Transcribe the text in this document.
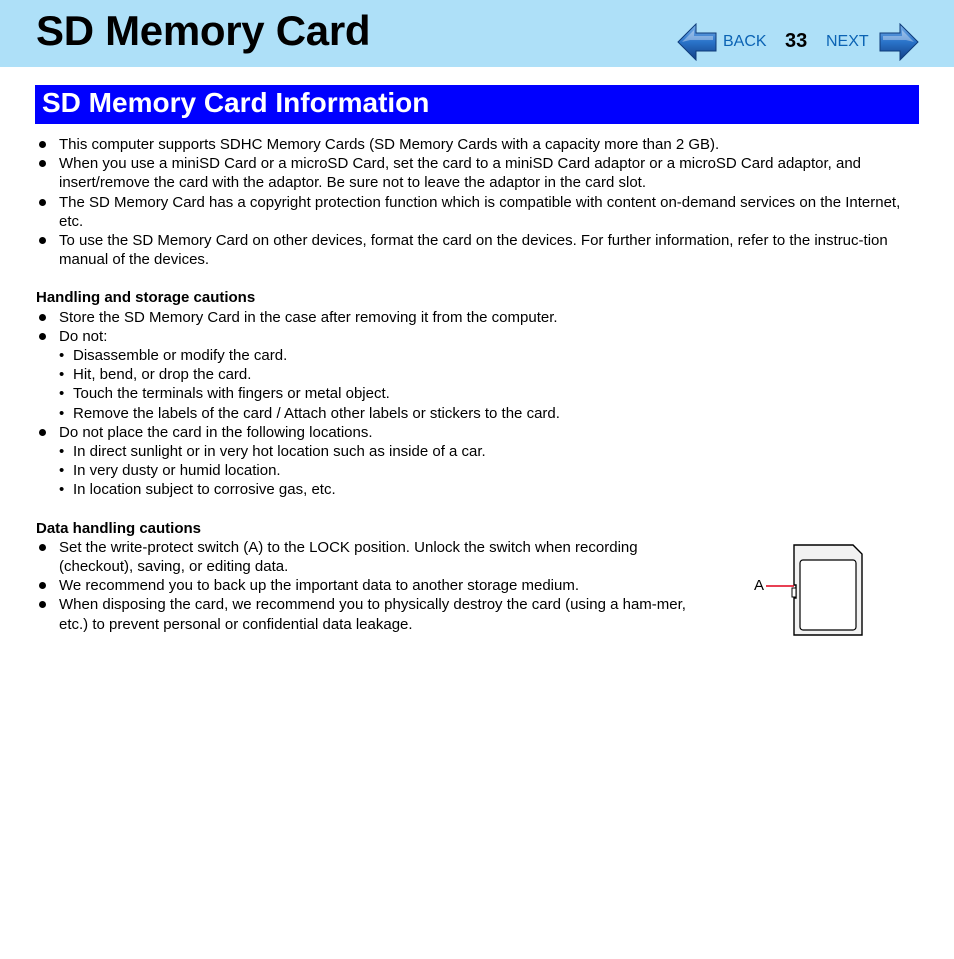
SD Memory Card	BACK 33 NEXT
SD Memory Card Information
This computer supports SDHC Memory Cards (SD Memory Cards with a capacity more than 2 GB).
When you use a miniSD Card or a microSD Card, set the card to a miniSD Card adaptor or a microSD Card adaptor, and insert/remove the card with the adaptor. Be sure not to leave the adaptor in the card slot.
The SD Memory Card has a copyright protection function which is compatible with content on-demand services on the Internet, etc.
To use the SD Memory Card on other devices, format the card on the devices. For further information, refer to the instruc-tion manual of the devices.
Handling and storage cautions
Store the SD Memory Card in the case after removing it from the computer.
Do not:
• Disassemble or modify the card.
• Hit, bend, or drop the card.
• Touch the terminals with fingers or metal object.
• Remove the labels of the card / Attach other labels or stickers to the card.
Do not place the card in the following locations.
• In direct sunlight or in very hot location such as inside of a car.
• In very dusty or humid location.
• In location subject to corrosive gas, etc.
Data handling cautions
Set the write-protect switch (A) to the LOCK position. Unlock the switch when recording (checkout), saving, or editing data.
We recommend you to back up the important data to another storage medium.
When disposing the card, we recommend you to physically destroy the card (using a ham-mer, etc.) to prevent personal or confidential data leakage.
A
